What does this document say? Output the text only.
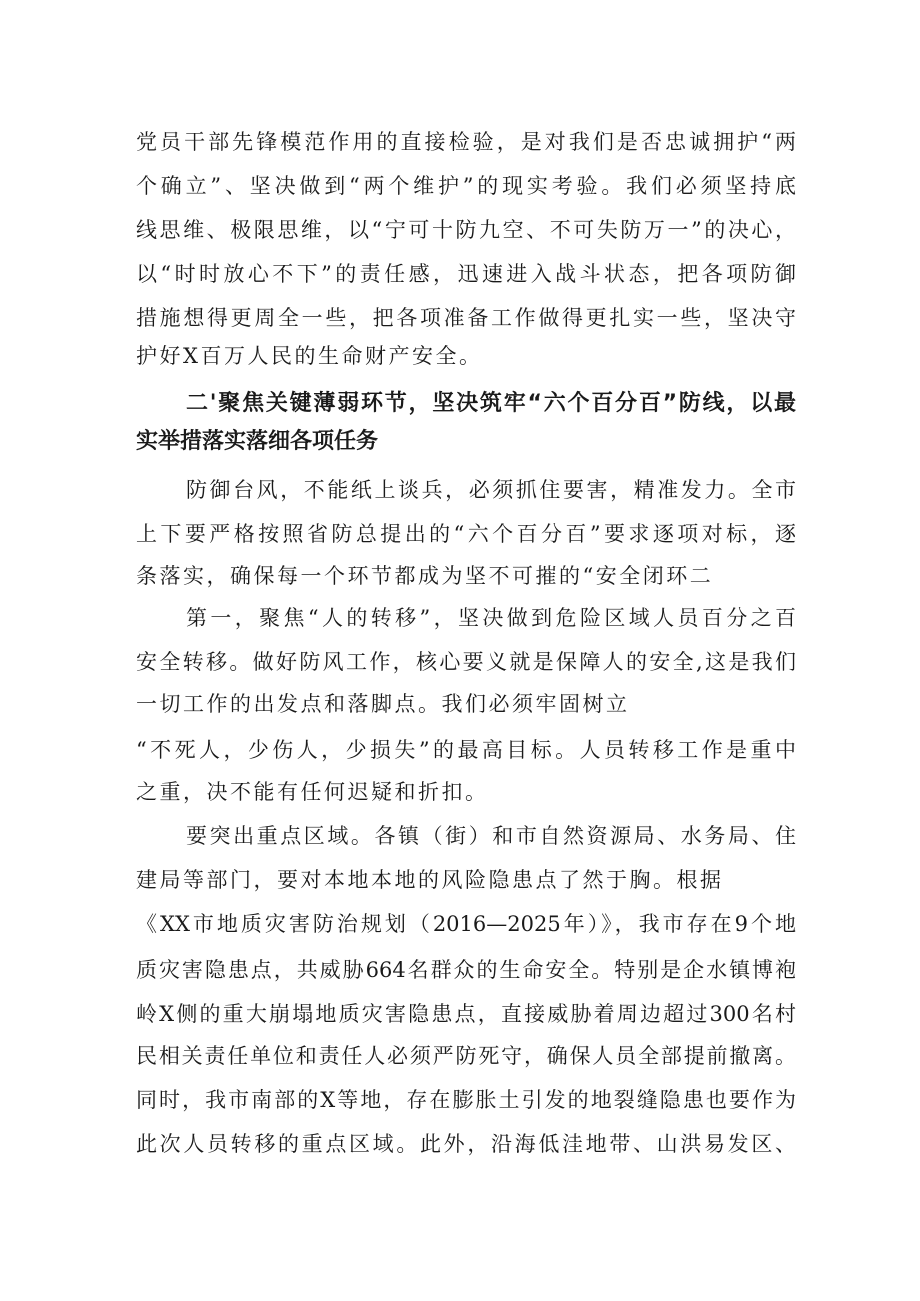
党员干部先锋模范作用的直接检验，是对我们是否忠诚拥护“两
个确立”、坚决做到“两个维护”的现实考验。我们必须坚持底
线思维、极限思维，以“宁可十防九空、不可失防万一”的决心，
以“时时放心不下”的责任感，迅速进入战斗状态，把各项防御
措施想得更周全一些，把各项准备工作做得更扎实一些，坚决守
护好X百万人民的生命财产安全。
二'聚焦关键薄弱环节，坚决筑牢“六个百分百”防线，以最
实举措落实落细各项任务
防御台风，不能纸上谈兵，必须抓住要害，精准发力。全市
上下要严格按照省防总提出的“六个百分百”要求逐项对标，逐
条落实，确保每一个环节都成为坚不可摧的“安全闭环二
第一，聚焦“人的转移”，坚决做到危险区域人员百分之百
安全转移。做好防风工作，核心要义就是保障人的安全,这是我们
一切工作的出发点和落脚点。我们必须牢固树立
“不死人，少伤人，少损失”的最高目标。人员转移工作是重中
之重，决不能有任何迟疑和折扣。
要突出重点区域。各镇（街）和市自然资源局、水务局、住
建局等部门，要对本地本地的风险隐患点了然于胸。根据
《XX市地质灾害防治规划（2016—2025年）》，我市存在9个地
质灾害隐患点，共威胁664名群众的生命安全。特别是企水镇博袍
岭X侧的重大崩塌地质灾害隐患点，直接威胁着周边超过300名村
民相关责任单位和责任人必须严防死守，确保人员全部提前撤离。
同时，我市南部的X等地，存在膨胀土引发的地裂缝隐患也要作为
此次人员转移的重点区域。此外，沿海低洼地带、山洪易发区、
